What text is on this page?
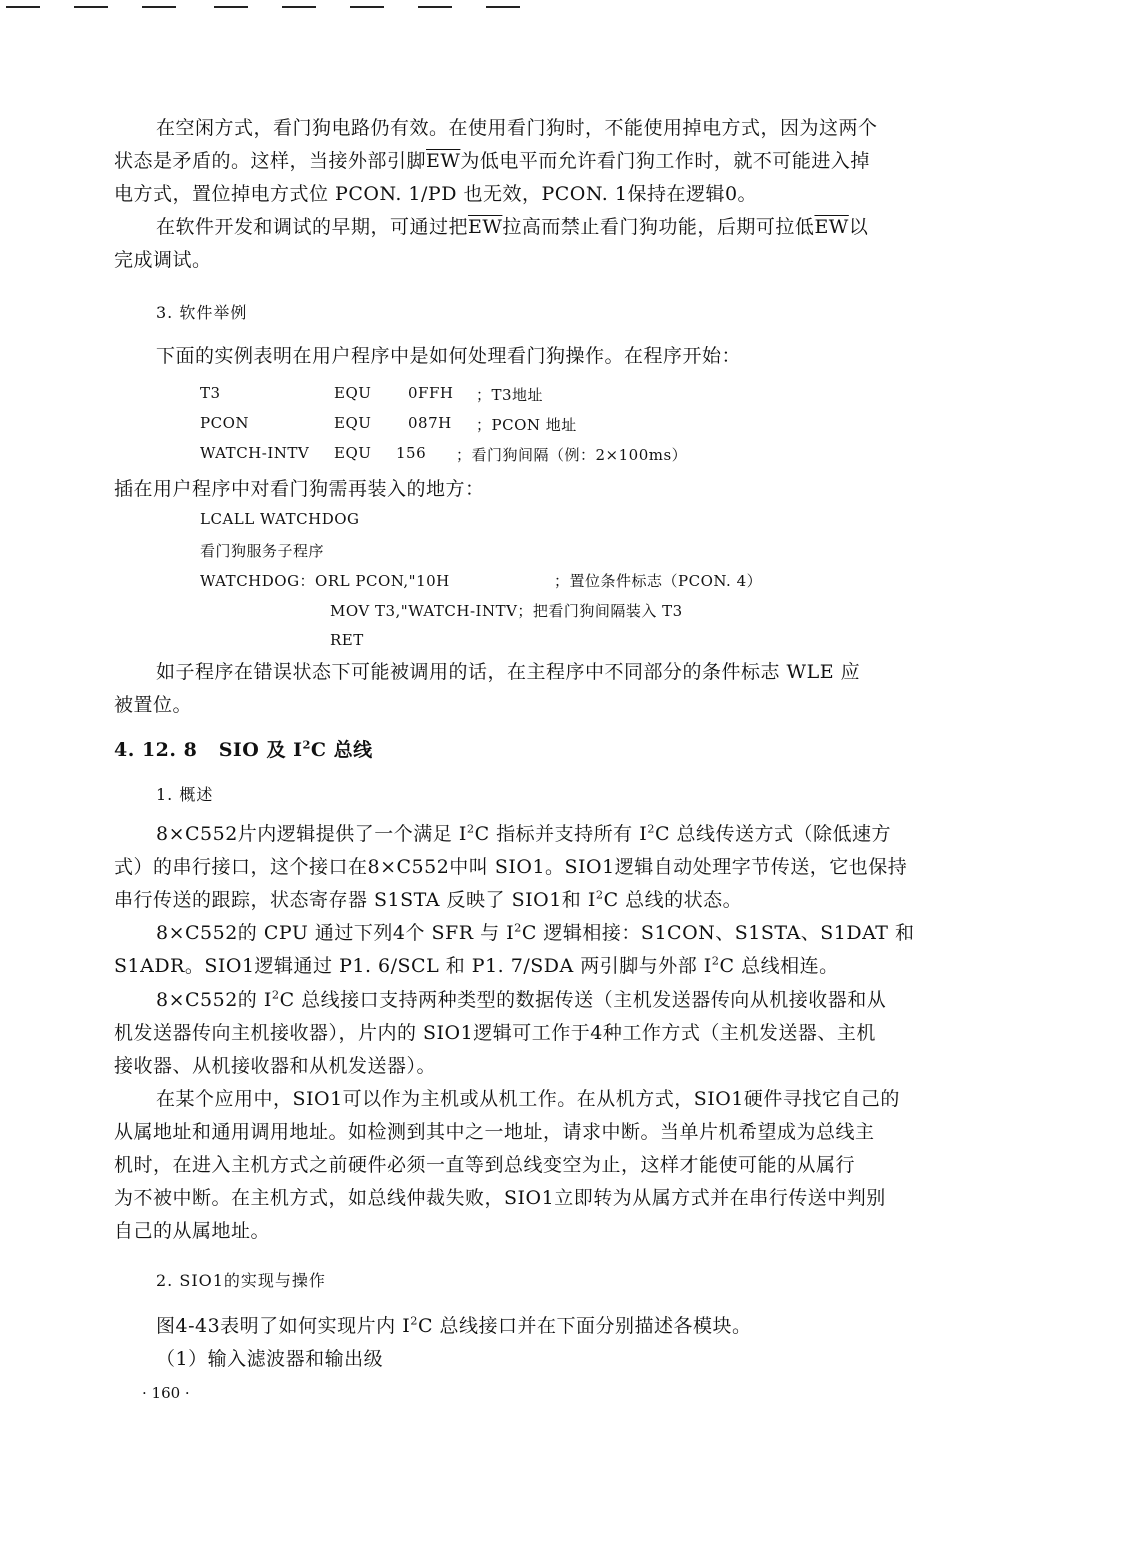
在空闲方式，看门狗电路仍有效。在使用看门狗时，不能使用掉电方式，因为这两个
状态是矛盾的。这样，当接外部引脚$\overline{EW}$为低电平而允许看门狗工作时，就不可能进入掉
电方式，置位掉电方式位 PCON. 1/PD 也无效，PCON. 1保持在逻辑0。
在软件开发和调试的早期，可通过把$\overline{EW}$拉高而禁止看门狗功能，后期可拉低$\overline{EW}$以
完成调试。
3. 软件举例
下面的实例表明在用户程序中是如何处理看门狗操作。在程序开始：
T3	EQU 0FFH ；T3地址
PCON	EQU 087H ；PCON 地址
WATCH-INTV EQU 156 ；看门狗间隔（例：2×100ms）
插在用户程序中对看门狗需再装入的地方：
LCALL WATCHDOG
看门狗服务子程序
WATCHDOG：ORL PCON,"10H	；置位条件标志（PCON. 4）
MOV T3,"WATCH-INTV；把看门狗间隔装入 T3
RET
如子程序在错误状态下可能被调用的话，在主程序中不同部分的条件标志 WLE 应
被置位。
4. 12. 8 SIO 及 $I^2C$ 总线
1. 概述
8×C552片内逻辑提供了一个满足 $I^2C$ 指标并支持所有 $I^2C$ 总线传送方式（除低速方
式）的串行接口，这个接口在8×C552中叫 SIO1。SIO1逻辑自动处理字节传送，它也保持
串行传送的跟踪，状态寄存器 S1STA 反映了 SIO1和 $I^2C$ 总线的状态。
8×C552的 CPU 通过下列4个 SFR 与 $I^2C$ 逻辑相接：S1CON、S1STA、S1DAT 和
S1ADR。SIO1逻辑通过 P1. 6/SCL 和 P1. 7/SDA 两引脚与外部 $I^2C$ 总线相连。
8×C552的 $I^2C$ 总线接口支持两种类型的数据传送（主机发送器传向从机接收器和从
机发送器传向主机接收器），片内的 SIO1逻辑可工作于4种工作方式（主机发送器、主机
接收器、从机接收器和从机发送器）。
在某个应用中，SIO1可以作为主机或从机工作。在从机方式，SIO1硬件寻找它自己的
从属地址和通用调用地址。如检测到其中之一地址，请求中断。当单片机希望成为总线主
机时，在进入主机方式之前硬件必须一直等到总线变空为止，这样才能使可能的从属行
为不被中断。在主机方式，如总线仲裁失败，SIO1立即转为从属方式并在串行传送中判别
自己的从属地址。
2. SIO1的实现与操作
图4-43表明了如何实现片内 $I^2C$ 总线接口并在下面分别描述各模块。
（1）输入滤波器和输出级
· 160 ·
